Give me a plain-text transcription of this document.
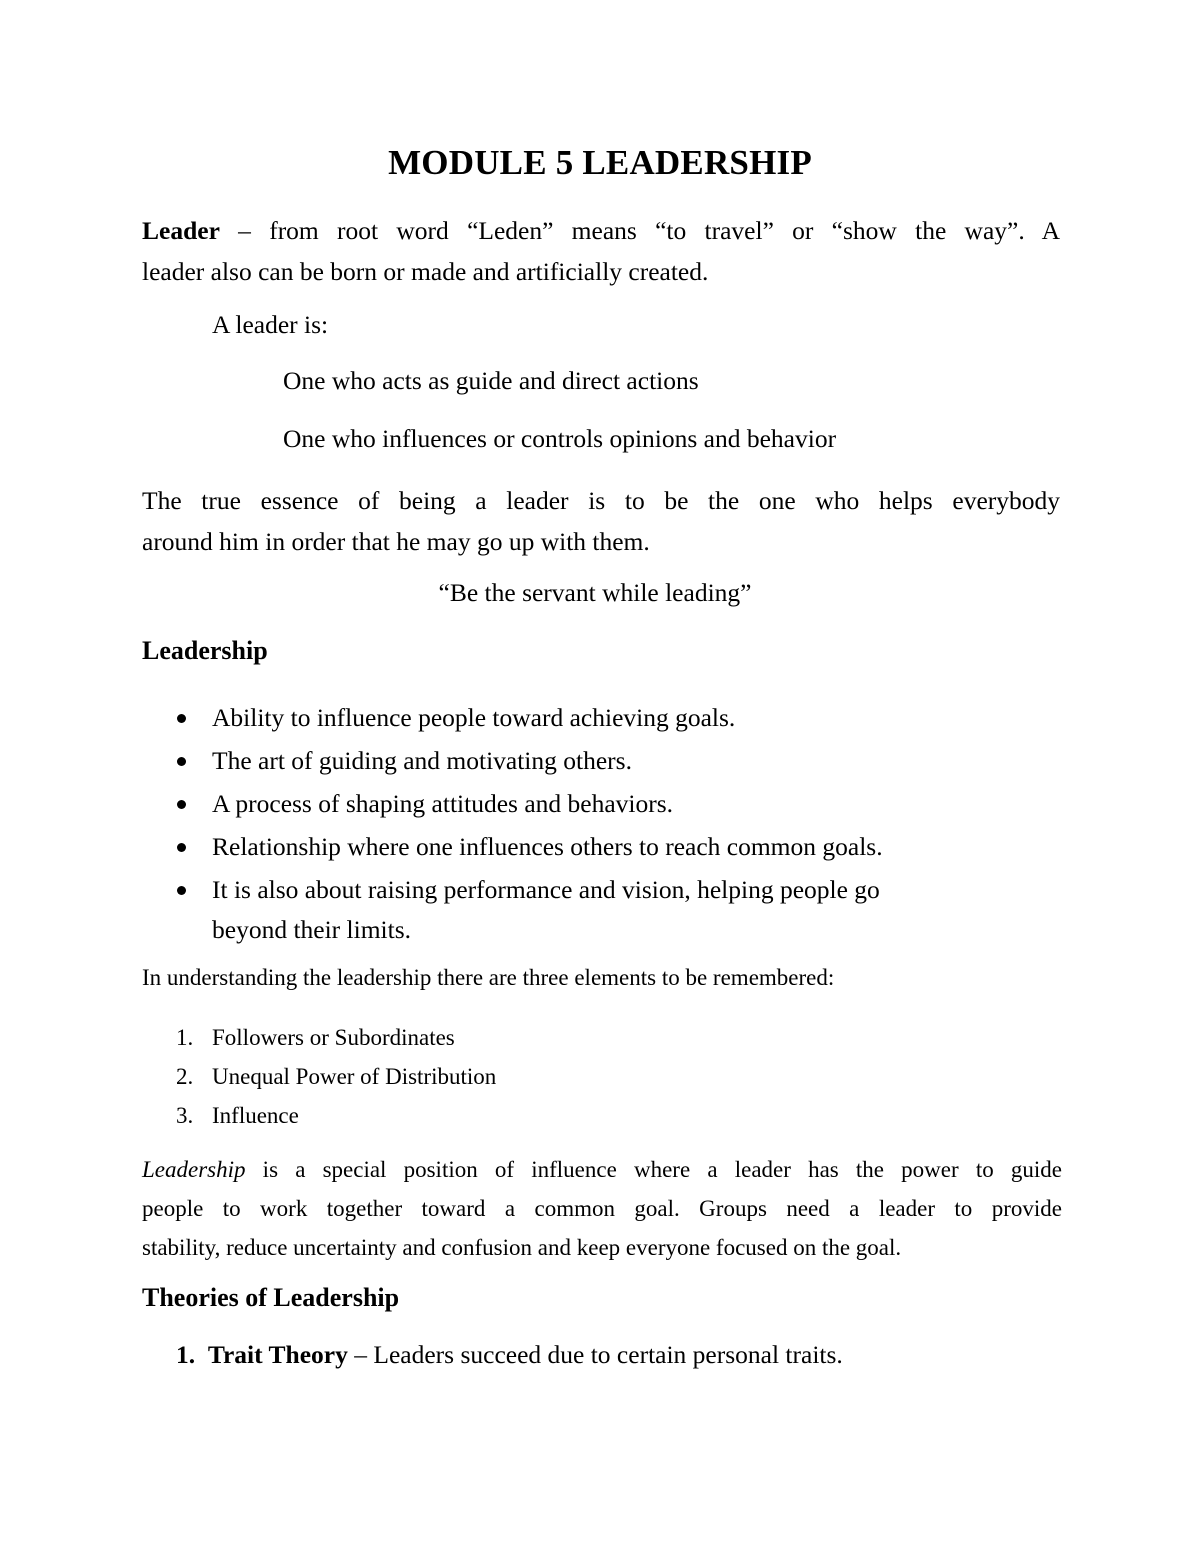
MODULE 5 LEADERSHIP
Leader – from root word “Leden” means “to travel” or “show the way”. A
leader also can be born or made and artificially created.
A leader is:
One who acts as guide and direct actions
One who influences or controls opinions and behavior
The true essence of being a leader is to be the one who helps everybody
around him in order that he may go up with them.
“Be the servant while leading”
Leadership
Ability to influence people toward achieving goals.
The art of guiding and motivating others.
A process of shaping attitudes and behaviors.
Relationship where one influences others to reach common goals.
It is also about raising performance and vision, helping people go
beyond their limits.
In understanding the leadership there are three elements to be remembered:
1. Followers or Subordinates
2. Unequal Power of Distribution
3. Influence
Leadership is a special position of influence where a leader has the power to guide
people to work together toward a common goal. Groups need a leader to provide
stability, reduce uncertainty and confusion and keep everyone focused on the goal.
Theories of Leadership
1. Trait Theory – Leaders succeed due to certain personal traits.
